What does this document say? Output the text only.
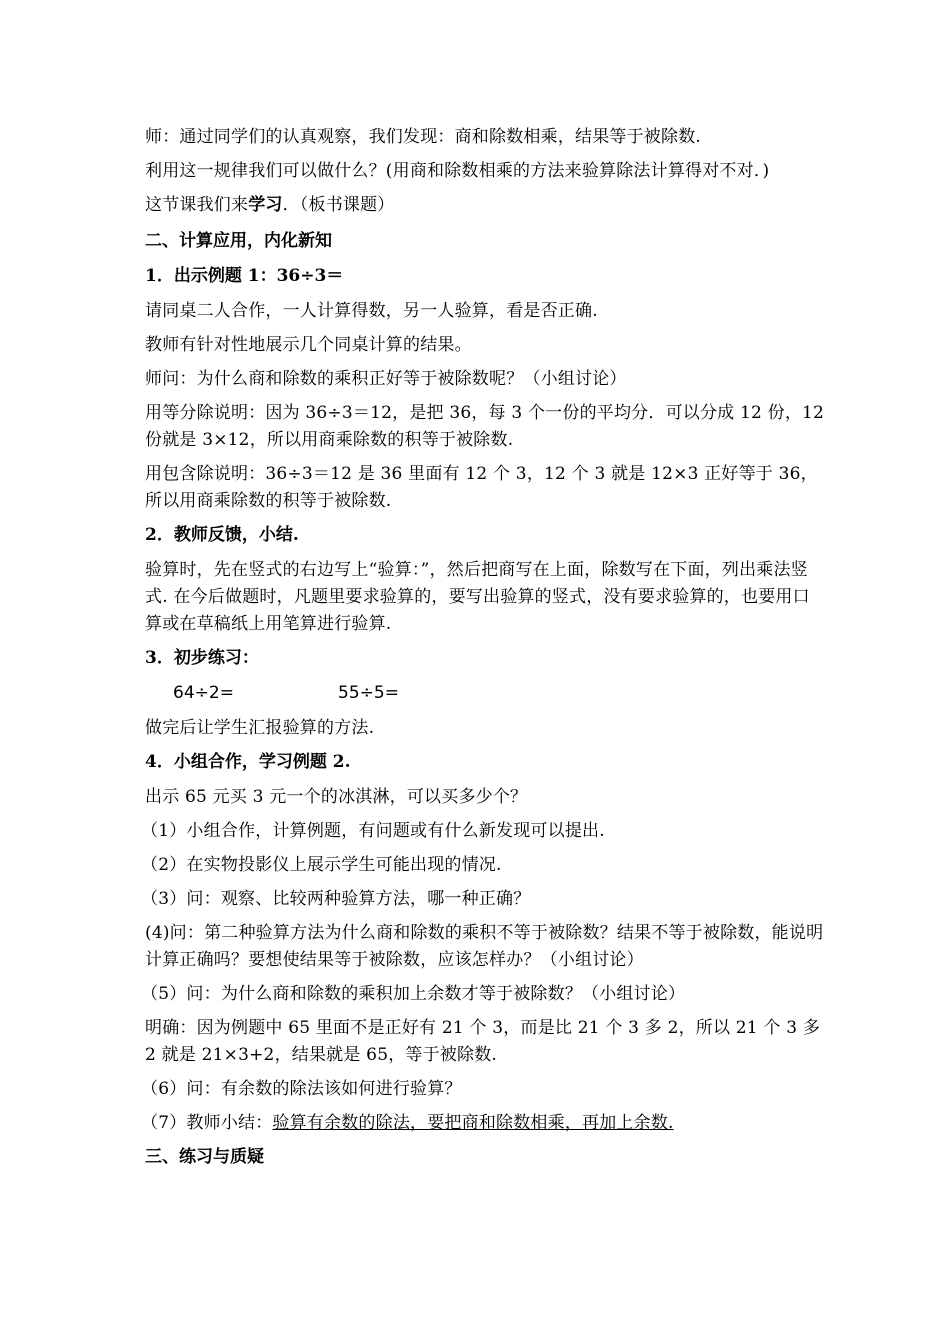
师：通过同学们的认真观察，我们发现：商和除数相乘，结果等于被除数.

利用这一规律我们可以做什么？(用商和除数相乘的方法来验算除法计算得对不对．)

这节课我们来学习．（板书课题）

二、计算应用，内化新知

1．出示例题 1：36÷3＝

请同桌二人合作，一人计算得数，另一人验算，看是否正确.

教师有针对性地展示几个同桌计算的结果。

师问：为什么商和除数的乘积正好等于被除数呢？（小组讨论）

用等分除说明：因为 36÷3＝12，是把 36，每 3 个一份的平均分．可以分成 12 份，12 份就是 3×12，所以用商乘除数的积等于被除数.

用包含除说明：36÷3＝12 是 36 里面有 12 个 3，12 个 3 就是 12×3 正好等于 36，所以用商乘除数的积等于被除数.

2．教师反馈，小结.

验算时，先在竖式的右边写上“验算：”，然后把商写在上面，除数写在下面，列出乘法竖式. 在今后做题时，凡题里要求验算的，要写出验算的竖式，没有要求验算的，也要用口算或在草稿纸上用笔算进行验算.

3．初步练习：

64÷2=	55÷5=

做完后让学生汇报验算的方法.

4．小组合作，学习例题 2.

出示 65 元买 3 元一个的冰淇淋，可以买多少个？

（1）小组合作，计算例题，有问题或有什么新发现可以提出.

（2）在实物投影仪上展示学生可能出现的情况.

（3）问：观察、比较两种验算方法，哪一种正确？

(4)问：第二种验算方法为什么商和除数的乘积不等于被除数？结果不等于被除数，能说明计算正确吗？要想使结果等于被除数，应该怎样办？（小组讨论）

（5）问：为什么商和除数的乘积加上余数才等于被除数？（小组讨论）

明确：因为例题中 65 里面不是正好有 21 个 3，而是比 21 个 3 多 2，所以 21 个 3 多 2 就是 21×3+2，结果就是 65，等于被除数.

（6）问：有余数的除法该如何进行验算？

（7）教师小结：验算有余数的除法，要把商和除数相乘，再加上余数.

三、练习与质疑
